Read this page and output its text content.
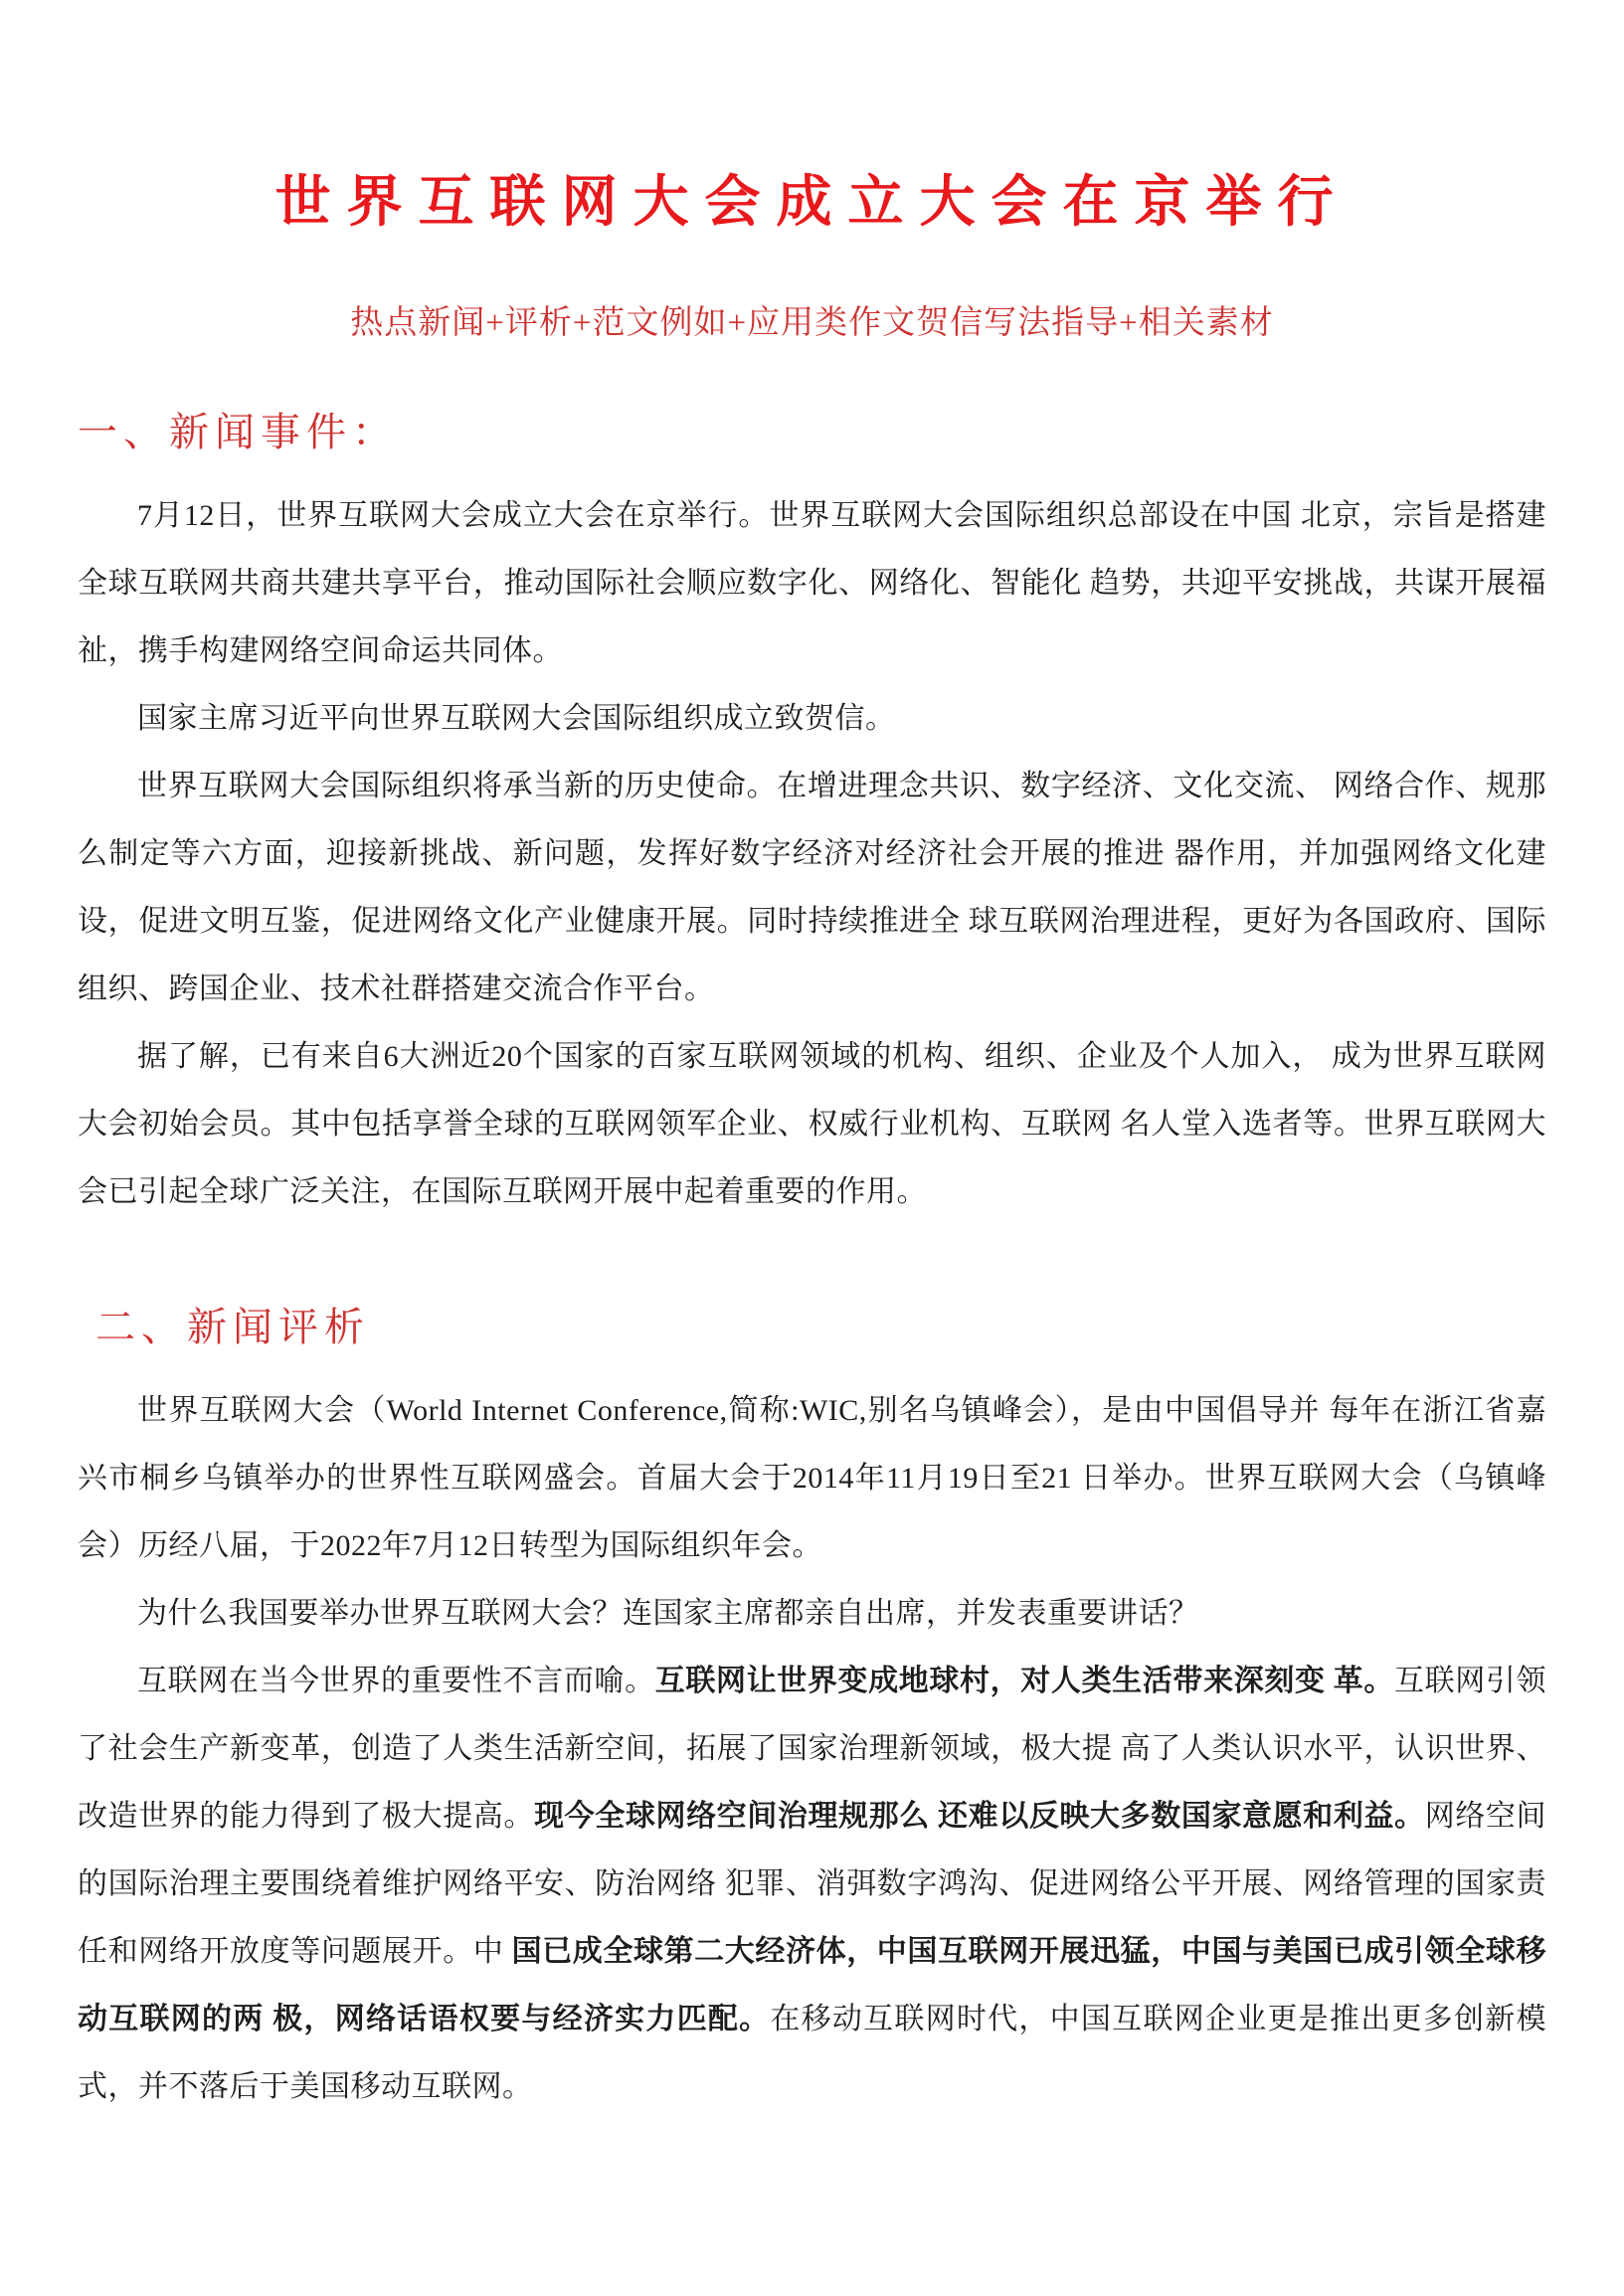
世界互联网大会成立大会在京举行
热点新闻+评析+范文例如+应用类作文贺信写法指导+相关素材
一、新闻事件：

7月12日，世界互联网大会成立大会在京举行。世界互联网大会国际组织总部设在中国 北京，宗旨是搭建全球互联网共商共建共享平台，推动国际社会顺应数字化、网络化、智能化 趋势，共迎平安挑战，共谋开展福祉，携手构建网络空间命运共同体。

国家主席习近平向世界互联网大会国际组织成立致贺信。

世界互联网大会国际组织将承当新的历史使命。在增进理念共识、数字经济、文化交流、 网络合作、规那么制定等六方面，迎接新挑战、新问题，发挥好数字经济对经济社会开展的推进 器作用，并加强网络文化建设，促进文明互鉴，促进网络文化产业健康开展。同时持续推进全 球互联网治理进程，更好为各国政府、国际组织、跨国企业、技术社群搭建交流合作平台。

据了解，已有来自6大洲近20个国家的百家互联网领域的机构、组织、企业及个人加入， 成为世界互联网大会初始会员。其中包括享誉全球的互联网领军企业、权威行业机构、互联网 名人堂入选者等。世界互联网大会已引起全球广泛关注，在国际互联网开展中起着重要的作用。

二、新闻评析

世界互联网大会（World Internet Conference,简称:WIC,别名乌镇峰会），是由中国倡导并 每年在浙江省嘉兴市桐乡乌镇举办的世界性互联网盛会。首届大会于2014年11月19日至21 日举办。世界互联网大会（乌镇峰会）历经八届，于2022年7月12日转型为国际组织年会。

为什么我国要举办世界互联网大会？连国家主席都亲自出席，并发表重要讲话？

互联网在当今世界的重要性不言而喻。互联网让世界变成地球村，对人类生活带来深刻变 革。互联网引领了社会生产新变革，创造了人类生活新空间，拓展了国家治理新领域，极大提 高了人类认识水平，认识世界、改造世界的能力得到了极大提高。现今全球网络空间治理规那么 还难以反映大多数国家意愿和利益。网络空间的国际治理主要围绕着维护网络平安、防治网络 犯罪、消弭数字鸿沟、促进网络公平开展、网络管理的国家责任和网络开放度等问题展开。中 国已成全球第二大经济体，中国互联网开展迅猛，中国与美国已成引领全球移动互联网的两 极，网络话语权要与经济实力匹配。在移动互联网时代，中国互联网企业更是推出更多创新模 式，并不落后于美国移动互联网。
